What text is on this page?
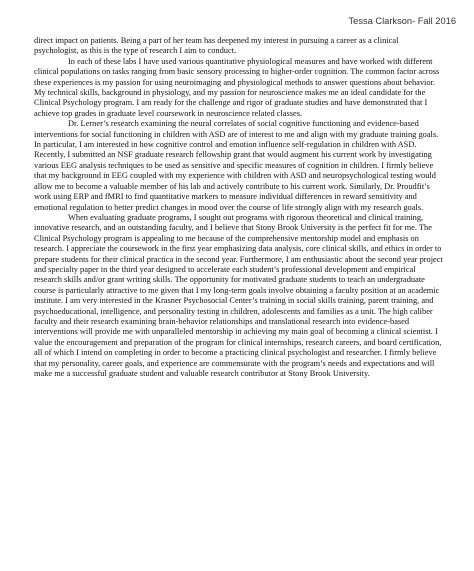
Tessa Clarkson- Fall 2016

direct impact on patients. Being a part of her team has deepened my interest in pursuing a career as a clinical psychologist, as this is the type of research I aim to conduct.

In each of these labs I have used various quantitative physiological measures and have worked with different clinical populations on tasks ranging from basic sensory processing to higher-order cognition. The common factor across these experiences is my passion for using neuroimaging and physiological methods to answer questions about behavior. My technical skills, background in physiology, and my passion for neuroscience makes me an ideal candidate for the Clinical Psychology program. I am ready for the challenge and rigor of graduate studies and have demonstrated that I achieve top grades in graduate level coursework in neuroscience related classes.

Dr. Lerner’s research examining the neural correlates of social cognitive functioning and evidence-based interventions for social functioning in children with ASD are of interest to me and align with my graduate training goals. In particular, I am interested in how cognitive control and emotion influence self-regulation in children with ASD. Recently, I submitted an NSF graduate research fellowship grant that would augment his current work by investigating various EEG analysis techniques to be used as sensitive and specific measures of cognition in children. I firmly believe that my background in EEG coupled with my experience with children with ASD and neuropsychological testing would allow me to become a valuable member of his lab and actively contribute to his current work. Similarly, Dr. Proudfit’s work using ERP and fMRI to find quantitative markers to measure individual differences in reward sensitivity and emotional regulation to better predict changes in mood over the course of life strongly align with my research goals.

When evaluating graduate programs, I sought out programs with rigorous theoretical and clinical training, innovative research, and an outstanding faculty, and I believe that Stony Brook University is the perfect fit for me. The Clinical Psychology program is appealing to me because of the comprehensive mentorship model and emphasis on research. I appreciate the coursework in the first year emphasizing data analysis, core clinical skills, and ethics in order to prepare students for their clinical practica in the second year. Furthermore, I am enthusiastic about the second year project and specialty paper in the third year designed to accelerate each student’s professional development and empirical research skills and/or grant writing skills. The opportunity for motivated graduate students to teach an undergraduate course is particularly attractive to me given that I my long-term goals involve obtaining a faculty position at an academic institute. I am very interested in the Krasner Psychosocial Center’s training in social skills training, parent training, and psychoeducational, intelligence, and personality testing in children, adolescents and families as a unit. The high caliber faculty and their research examining brain-behavior relationships and translational research into evidence-based interventions will provide me with unparalleled mentorship in achieving my main goal of becoming a clinical scientist. I value the encouragement and preparation of the program for clinical internships, research careers, and board certification, all of which I intend on completing in order to become a practicing clinical psychologist and researcher. I firmly believe that my personality, career goals, and experience are commensurate with the program’s needs and expectations and will make me a successful graduate student and valuable research contributor at Stony Brook University.
